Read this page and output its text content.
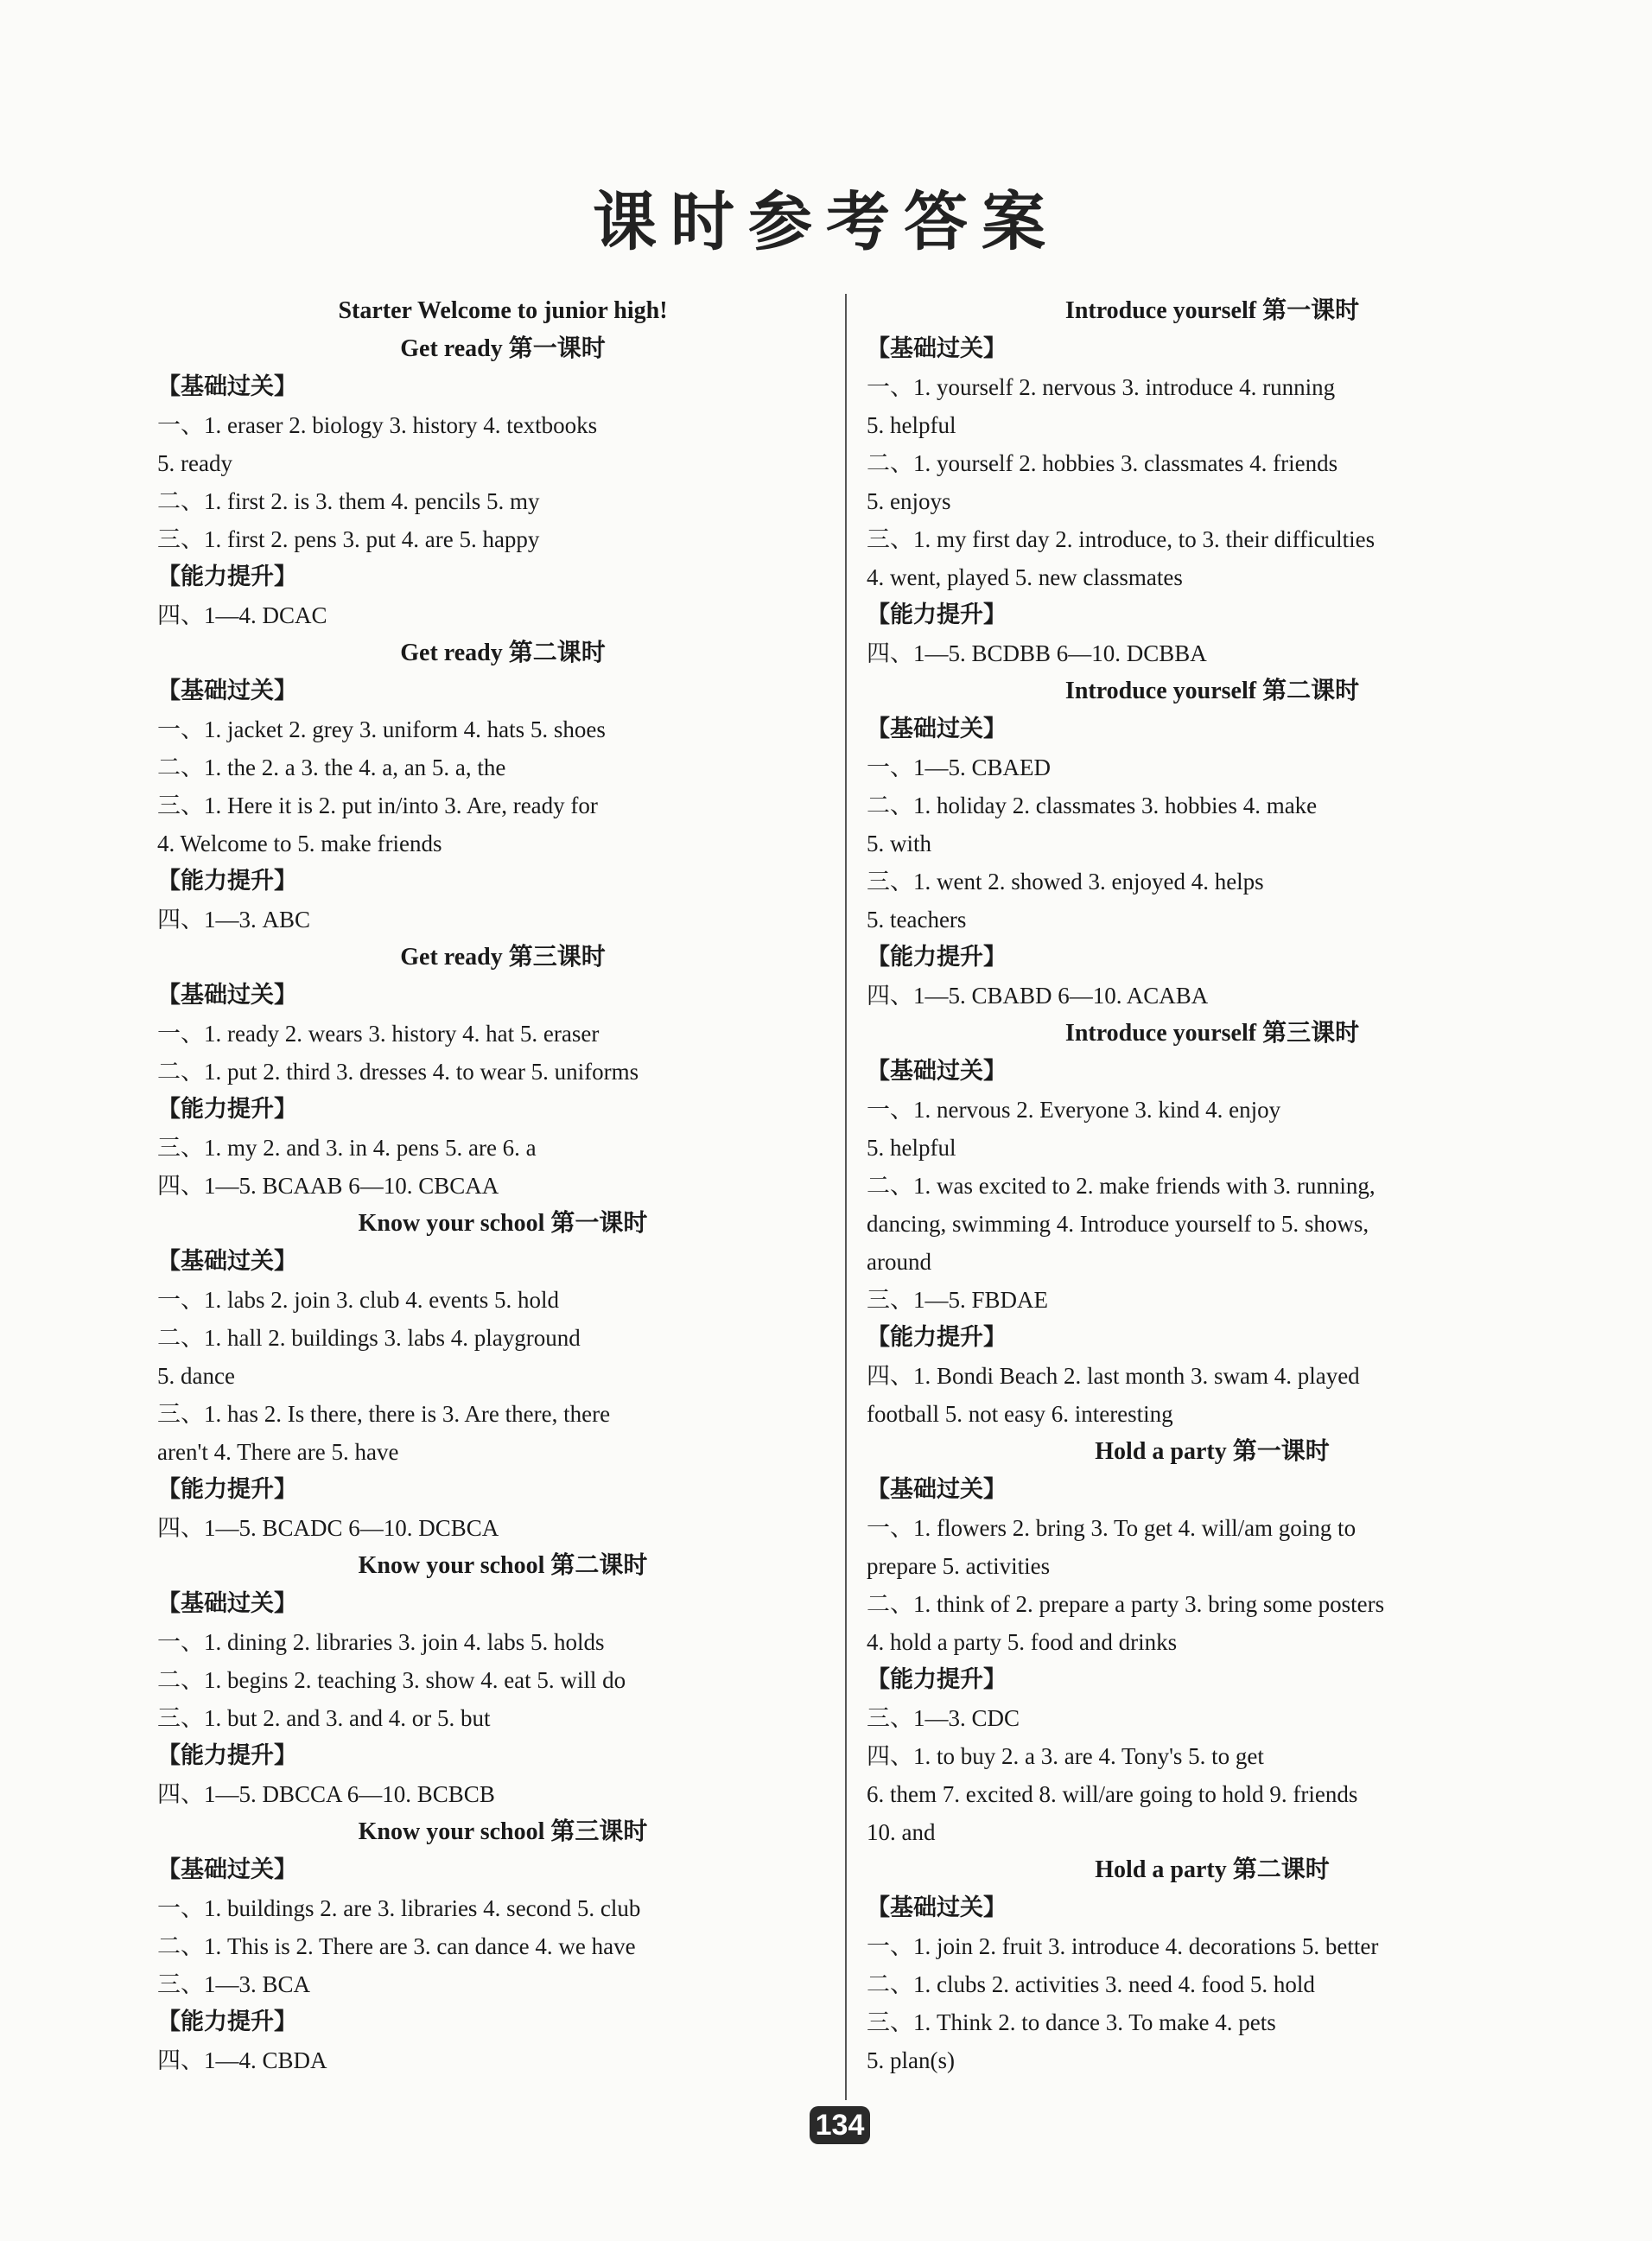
课时参考答案
Starter Welcome to junior high!
Get ready 第一课时
【基础过关】
一、1. eraser 2. biology 3. history 4. textbooks
5. ready
二、1. first 2. is 3. them 4. pencils 5. my
三、1. first 2. pens 3. put 4. are 5. happy
【能力提升】
四、1—4. DCAC
Get ready 第二课时
【基础过关】
一、1. jacket 2. grey 3. uniform 4. hats 5. shoes
二、1. the 2. a 3. the 4. a, an 5. a, the
三、1. Here it is 2. put in/into 3. Are, ready for
4. Welcome to 5. make friends
【能力提升】
四、1—3. ABC
Get ready 第三课时
【基础过关】
一、1. ready 2. wears 3. history 4. hat 5. eraser
二、1. put 2. third 3. dresses 4. to wear 5. uniforms
【能力提升】
三、1. my 2. and 3. in 4. pens 5. are 6. a
四、1—5. BCAAB 6—10. CBCAA
Know your school 第一课时
【基础过关】
一、1. labs 2. join 3. club 4. events 5. hold
二、1. hall 2. buildings 3. labs 4. playground
5. dance
三、1. has 2. Is there, there is 3. Are there, there
aren't 4. There are 5. have
【能力提升】
四、1—5. BCADC 6—10. DCBCA
Know your school 第二课时
【基础过关】
一、1. dining 2. libraries 3. join 4. labs 5. holds
二、1. begins 2. teaching 3. show 4. eat 5. will do
三、1. but 2. and 3. and 4. or 5. but
【能力提升】
四、1—5. DBCCA 6—10. BCBCB
Know your school 第三课时
【基础过关】
一、1. buildings 2. are 3. libraries 4. second 5. club
二、1. This is 2. There are 3. can dance 4. we have
三、1—3. BCA
【能力提升】
四、1—4. CBDA
Introduce yourself 第一课时
【基础过关】
一、1. yourself 2. nervous 3. introduce 4. running
5. helpful
二、1. yourself 2. hobbies 3. classmates 4. friends
5. enjoys
三、1. my first day 2. introduce, to 3. their difficulties
4. went, played 5. new classmates
【能力提升】
四、1—5. BCDBB 6—10. DCBBA
Introduce yourself 第二课时
【基础过关】
一、1—5. CBAED
二、1. holiday 2. classmates 3. hobbies 4. make
5. with
三、1. went 2. showed 3. enjoyed 4. helps
5. teachers
【能力提升】
四、1—5. CBABD 6—10. ACABA
Introduce yourself 第三课时
【基础过关】
一、1. nervous 2. Everyone 3. kind 4. enjoy
5. helpful
二、1. was excited to 2. make friends with 3. running,
dancing, swimming 4. Introduce yourself to 5. shows,
around
三、1—5. FBDAE
【能力提升】
四、1. Bondi Beach 2. last month 3. swam 4. played
football 5. not easy 6. interesting
Hold a party 第一课时
【基础过关】
一、1. flowers 2. bring 3. To get 4. will/am going to
prepare 5. activities
二、1. think of 2. prepare a party 3. bring some posters
4. hold a party 5. food and drinks
【能力提升】
三、1—3. CDC
四、1. to buy 2. a 3. are 4. Tony's 5. to get
6. them 7. excited 8. will/are going to hold 9. friends
10. and
Hold a party 第二课时
【基础过关】
一、1. join 2. fruit 3. introduce 4. decorations 5. better
二、1. clubs 2. activities 3. need 4. food 5. hold
三、1. Think 2. to dance 3. To make 4. pets
5. plan(s)
134
